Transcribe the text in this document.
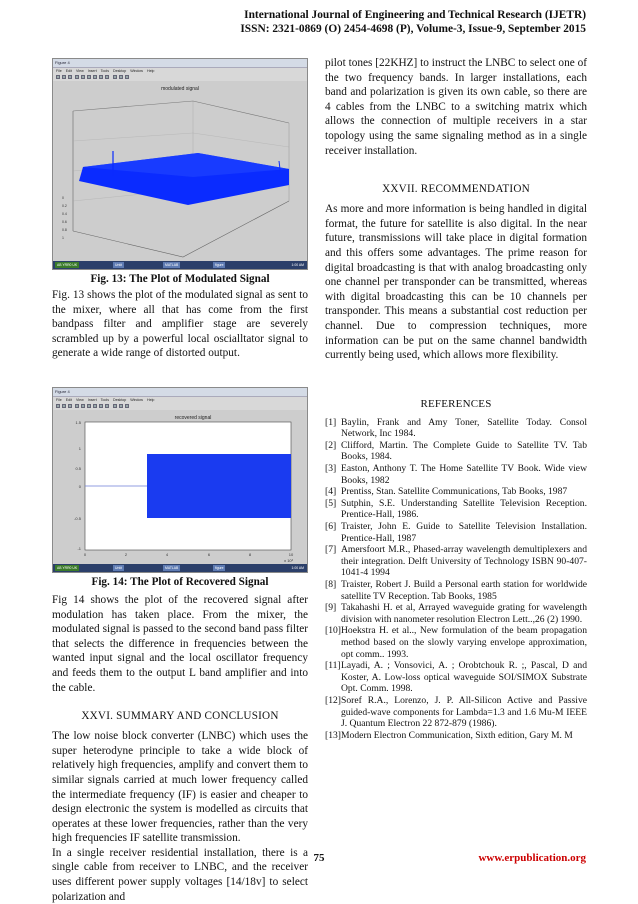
International Journal of Engineering and Technical Research (IJETR)
ISSN: 2321-0869 (O) 2454-4698 (P), Volume-3, Issue-9, September 2015
Figure 4
File Edit View Insert Tools Desktop Window Help
modulated signal
0
0.2
0.4
0.6
0.8
1
AB YRR0 UK	Untit	MATLAB	figure	1:00 AM
Fig. 13: The Plot of Modulated Signal

Fig. 13 shows the plot of the modulated signal as sent to the mixer, where all that has come from the first bandpass filter and amplifier stage are severely scrambled up by a powerful local oscialltator signal to generate a wide range of distorted output.

Figure 4
File Edit View Insert Tools Desktop Window Help
recovered signal
1.5
1
0.5
0
-0.5
-1
0	2	4	6	8	10
x 10³
AB YRR0 UK	Untit	MATLAB	figure	1:00 AM
Fig. 14: The Plot of Recovered Signal

Fig 14 shows the plot of the recovered signal after modulation has taken place. From the mixer, the modulated signal is passed to the second band pass filter that selects the difference in frequencies between the wanted input signal and the local oscillator frequency and feeds them to the output L band amplifier and into the cable.

XXVI. SUMMARY AND CONCLUSION

The low noise block converter (LNBC) which uses the super heterodyne principle to take a wide block of relatively high frequencies, amplify and convert them to similar signals carried at much lower frequency called the intermediate frequency (IF) is easier and cheaper to design electronic the system is modelled as circuits that operates at these lower frequencies, rather than the very high frequencies IF satellite transmission.

In a single receiver residential installation, there is a single cable from receiver to LNBC, and the receiver uses different power supply voltages [14/18v] to select polarization and

pilot tones [22KHZ] to instruct the LNBC to select one of the two frequency bands. In larger installations, each band and polarization is given its own cable, so there are 4 cables from the LNBC to a switching matrix which allows the connection of multiple receivers in a star topology using the same signaling method as in a single receiver installation.

XXVII. RECOMMENDATION

As more and more information is being handled in digital format, the future for satellite is also digital. In the near future, transmissions will take place in digital formation and this offers some advantages. The prime reason for digital broadcasting is that with analog broadcasting only one channel per transponder can be transmitted, whereas with digital broadcasting this can be 10 channels per transponder. This means a substantial cost reduction per channel. Due to compression techniques, more information can be put on the same channel bandwidth currently being used, which allows more flexibility.

REFERENCES
[1] Baylin, Frank and Amy Toner, Satellite Today. Consol Network, Inc 1984.
[2] Clifford, Martin. The Complete Guide to Satellite TV. Tab Books, 1984.
[3] Easton, Anthony T. The Home Satellite TV Book. Wide view Books, 1982
[4] Prentiss, Stan. Satellite Communications, Tab Books, 1987
[5] Sutphin, S.E. Understanding Satellite Television Reception. Prentice-Hall, 1986.
[6] Traister, John E. Guide to Satellite Television Installation. Prentice-Hall, 1987
[7] Amersfoort M.R., Phased-array wavelength demultiplexers and their integration. Delft University of Technology ISBN 90-407-1041-4 1994
[8] Traister, Robert J. Build a Personal earth station for worldwide satellite TV Reception. Tab Books, 1985
[9] Takahashi H. et al, Arrayed waveguide grating for wavelength division with nanometer resolution Electron Lett..,26 (2) 1990.
[10] Hoekstra H. et al.., New formulation of the beam propagation method based on the slowly varying envelope approximation, opt comm.. 1993.
[11] Layadi, A. ; Vonsovici, A. ; Orobtchouk R. ;, Pascal, D and Koster, A. Low-loss optical waveguide SOI/SIMOX Substrate Opt. Comm. 1998.
[12] Soref R.A., Lorenzo, J. P. All-Silicon Active and Passive guided-wave components for Lambda=1.3 and 1.6 Mu-M IEEE J. Quantum Electron 22 872-879 (1986).
[13] Modern Electron Communication, Sixth edition, Gary M. M
75	www.erpublication.org
